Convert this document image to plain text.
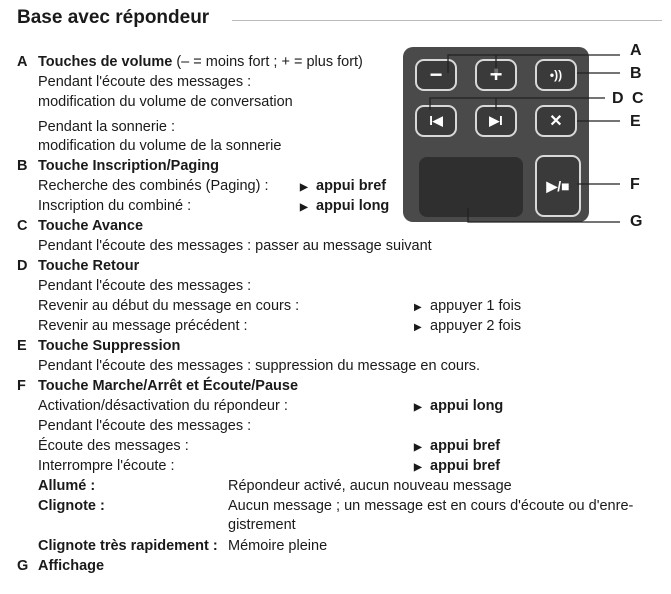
Base avec répondeur
A Touches de volume (– = moins fort ; + = plus fort)
Pendant l'écoute des messages :
modification du volume de conversation
Pendant la sonnerie :
modification du volume de la sonnerie
B Touche Inscription/Paging
Recherche des combinés (Paging) :	▶ appui bref
Inscription du combiné :	▶ appui long
C Touche Avance
Pendant l'écoute des messages : passer au message suivant
D Touche Retour
Pendant l'écoute des messages :
Revenir au début du message en cours :	▶ appuyer 1 fois
Revenir au message précédent :	▶ appuyer 2 fois
E Touche Suppression
Pendant l'écoute des messages : suppression du message en cours.
F Touche Marche/Arrêt et Écoute/Pause
Activation/désactivation du répondeur :	▶ appui long
Pendant l'écoute des messages :
Écoute des messages :	▶ appui bref
Interrompre l'écoute :	▶ appui bref
Allumé :	Répondeur activé, aucun nouveau message
Clignote :	Aucun message ; un message est en cours d'écoute ou d'enre-
gistrement
Clignote très rapidement : Mémoire pleine
G Affichage
−	+	•))
I◀	▶I	✕
▶/■
A
B
D C
E
F
G
